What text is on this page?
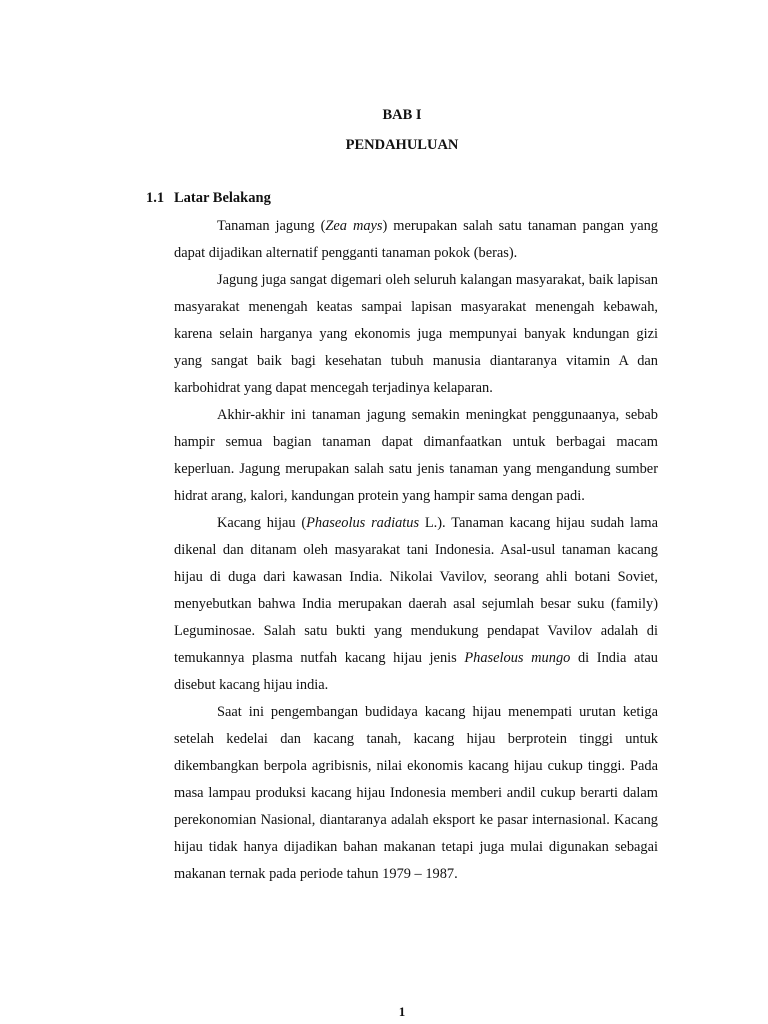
BAB I

PENDAHULUAN

1.1 Latar Belakang

Tanaman jagung (Zea mays) merupakan salah satu tanaman pangan yang dapat dijadikan alternatif pengganti tanaman pokok (beras).

Jagung juga sangat digemari oleh seluruh kalangan masyarakat, baik lapisan masyarakat menengah keatas sampai lapisan masyarakat menengah kebawah, karena selain harganya yang ekonomis juga mempunyai banyak kndungan gizi yang sangat baik bagi kesehatan tubuh manusia diantaranya vitamin A dan karbohidrat yang dapat mencegah terjadinya kelaparan.

Akhir-akhir ini tanaman jagung semakin meningkat penggunaanya, sebab hampir semua bagian tanaman dapat dimanfaatkan untuk berbagai macam keperluan. Jagung merupakan salah satu jenis tanaman yang mengandung sumber hidrat arang, kalori, kandungan protein yang hampir sama dengan padi.

Kacang hijau (Phaseolus radiatus L.). Tanaman kacang hijau sudah lama dikenal dan ditanam oleh masyarakat tani Indonesia. Asal-usul tanaman kacang hijau di duga dari kawasan India. Nikolai Vavilov, seorang ahli botani Soviet, menyebutkan bahwa India merupakan daerah asal sejumlah besar suku (family) Leguminosae. Salah satu bukti yang mendukung pendapat Vavilov adalah di temukannya plasma nutfah kacang hijau jenis Phaselous mungo di India atau disebut kacang hijau india.

Saat ini pengembangan budidaya kacang hijau menempati urutan ketiga setelah kedelai dan kacang tanah, kacang hijau berprotein tinggi untuk dikembangkan berpola agribisnis, nilai ekonomis kacang hijau cukup tinggi. Pada masa lampau produksi kacang hijau Indonesia memberi andil cukup berarti dalam perekonomian Nasional, diantaranya adalah eksport ke pasar internasional. Kacang hijau tidak hanya dijadikan bahan makanan tetapi juga mulai digunakan sebagai makanan ternak pada periode tahun 1979 – 1987.

1
